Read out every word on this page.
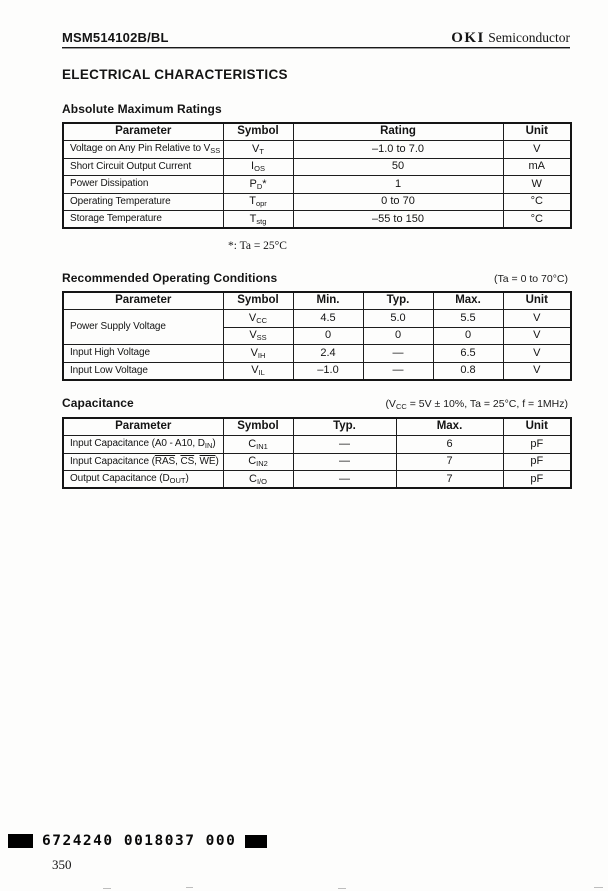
MSM514102B/BL	OKI Semiconductor
ELECTRICAL CHARACTERISTICS
Absolute Maximum Ratings
Parameter	Symbol	Rating	Unit
Voltage on Any Pin Relative to $V_{SS}$	$V_T$	–1.0 to 7.0	V
Short Circuit Output Current	$I_{OS}$	50	mA
Power Dissipation	$P_D*$	1	W
Operating Temperature	$T_{opr}$	0 to 70	°C
Storage Temperature	$T_{stg}$	–55 to 150	°C
*: Ta = 25°C
Recommended Operating Conditions	(Ta = 0 to 70°C)
Parameter	Symbol	Min.	Typ.	Max.	Unit
Power Supply Voltage	$V_{CC}$	4.5	5.0	5.5	V
	$V_{SS}$	0	0	0	V
Input High Voltage	$V_{IH}$	2.4	—	6.5	V
Input Low Voltage	$V_{IL}$	–1.0	—	0.8	V
Capacitance	($V_{CC} = 5V \pm 10\%$, Ta = 25°C, f = 1MHz)
Parameter	Symbol	Typ.	Max.	Unit
Input Capacitance (A0 - A10, $D_{IN}$)	$C_{IN1}$	—	6	pF
Input Capacitance ($\overline{RAS}$, $\overline{CS}$, $\overline{WE}$)	$C_{IN2}$	—	7	pF
Output Capacitance $(D_{OUT})$	$C_{I/O}$	—	7	pF
6724240 0018037 000
350
